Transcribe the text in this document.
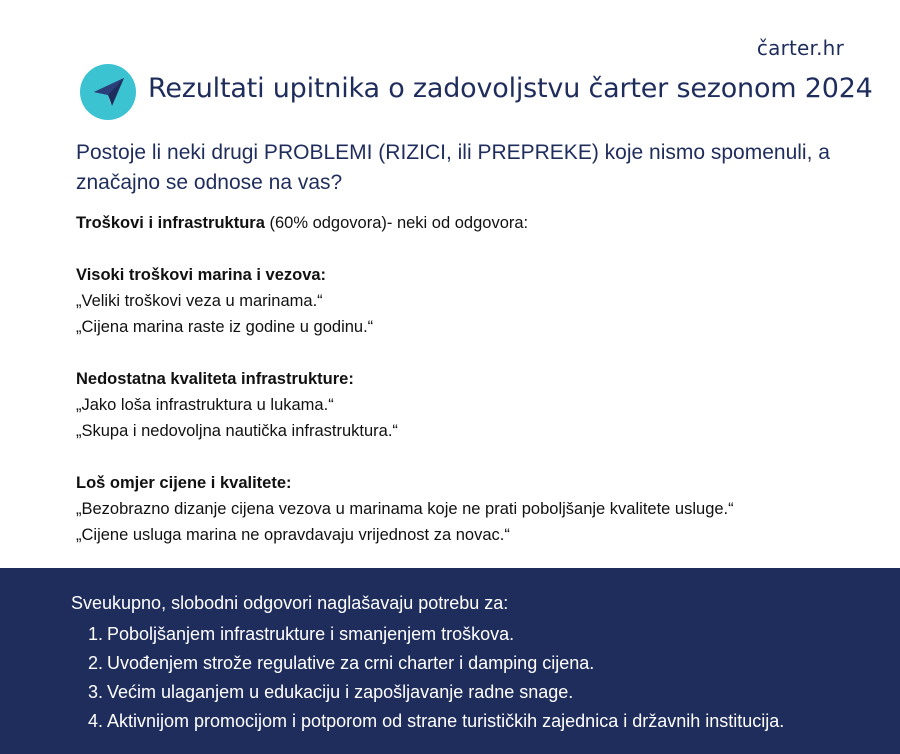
čarter.hr
Rezultati upitnika o zadovoljstvu čarter sezonom 2024
Postoje li neki drugi PROBLEMI (RIZICI, ili PREPREKE) koje nismo spomenuli, a značajno se odnose na vas?
Troškovi i infrastruktura (60% odgovora)- neki od odgovora:
Visoki troškovi marina i vezova:
„Veliki troškovi veza u marinama.“
„Cijena marina raste iz godine u godinu.“
Nedostatna kvaliteta infrastrukture:
„Jako loša infrastruktura u lukama.“
„Skupa i nedovoljna nautička infrastruktura.“
Loš omjer cijene i kvalitete:
„Bezobrazno dizanje cijena vezova u marinama koje ne prati poboljšanje kvalitete usluge.“
„Cijene usluga marina ne opravdavaju vrijednost za novac.“
Sveukupno, slobodni odgovori naglašavaju potrebu za:
1. Poboljšanjem infrastrukture i smanjenjem troškova.
2. Uvođenjem strože regulative za crni charter i damping cijena.
3. Većim ulaganjem u edukaciju i zapošljavanje radne snage.
4. Aktivnijom promocijom i potporom od strane turističkih zajednica i državnih institucija.
